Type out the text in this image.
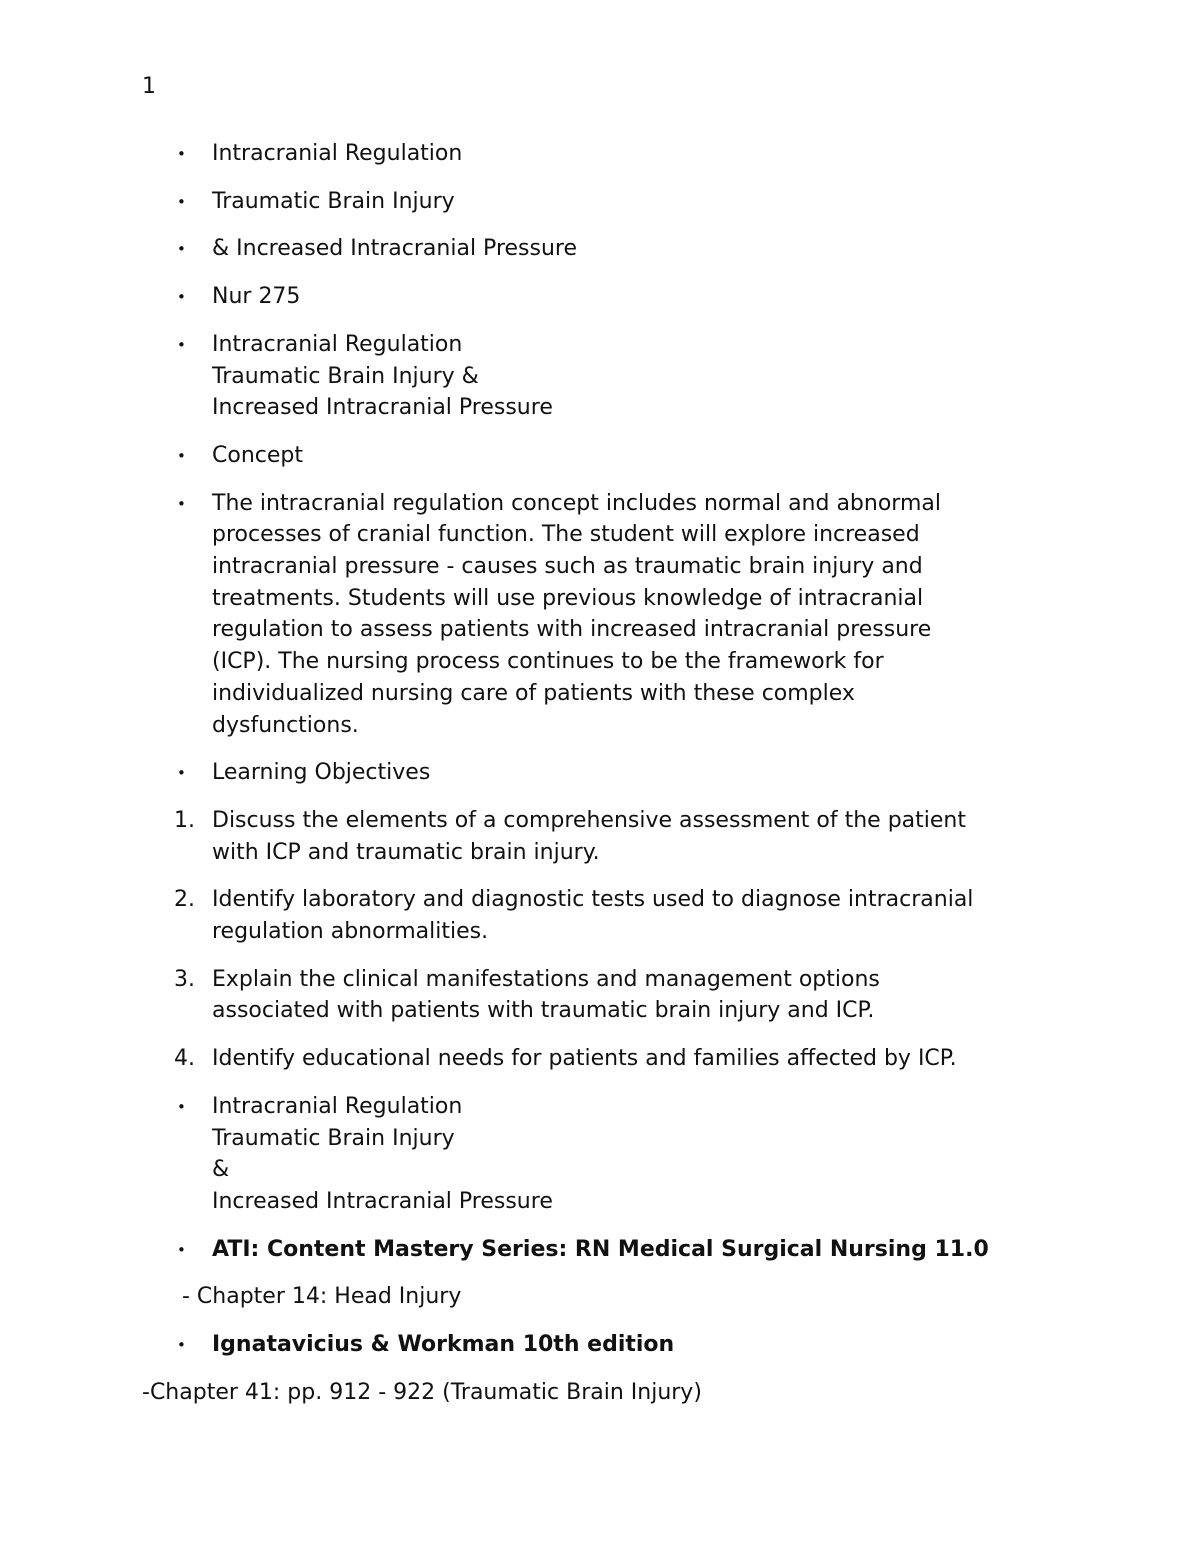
1
•	Intracranial Regulation
•	Traumatic Brain Injury
•	& Increased Intracranial Pressure
•	Nur 275
•	Intracranial Regulation
Traumatic Brain Injury &
Increased Intracranial Pressure
•	Concept
•	The intracranial regulation concept includes normal and abnormal
processes of cranial function. The student will explore increased
intracranial pressure - causes such as traumatic brain injury and
treatments. Students will use previous knowledge of intracranial
regulation to assess patients with increased intracranial pressure
(ICP). The nursing process continues to be the framework for
individualized nursing care of patients with these complex
dysfunctions.
•	Learning Objectives
1. Discuss the elements of a comprehensive assessment of the patient
with ICP and traumatic brain injury.
2. Identify laboratory and diagnostic tests used to diagnose intracranial
regulation abnormalities.
3. Explain the clinical manifestations and management options
associated with patients with traumatic brain injury and ICP.
4. Identify educational needs for patients and families affected by ICP.
•	Intracranial Regulation
Traumatic Brain Injury
&
Increased Intracranial Pressure
•	ATI: Content Mastery Series: RN Medical Surgical Nursing 11.0
- Chapter 14: Head Injury
•	Ignatavicius & Workman 10th edition
-Chapter 41: pp. 912 - 922 (Traumatic Brain Injury)
